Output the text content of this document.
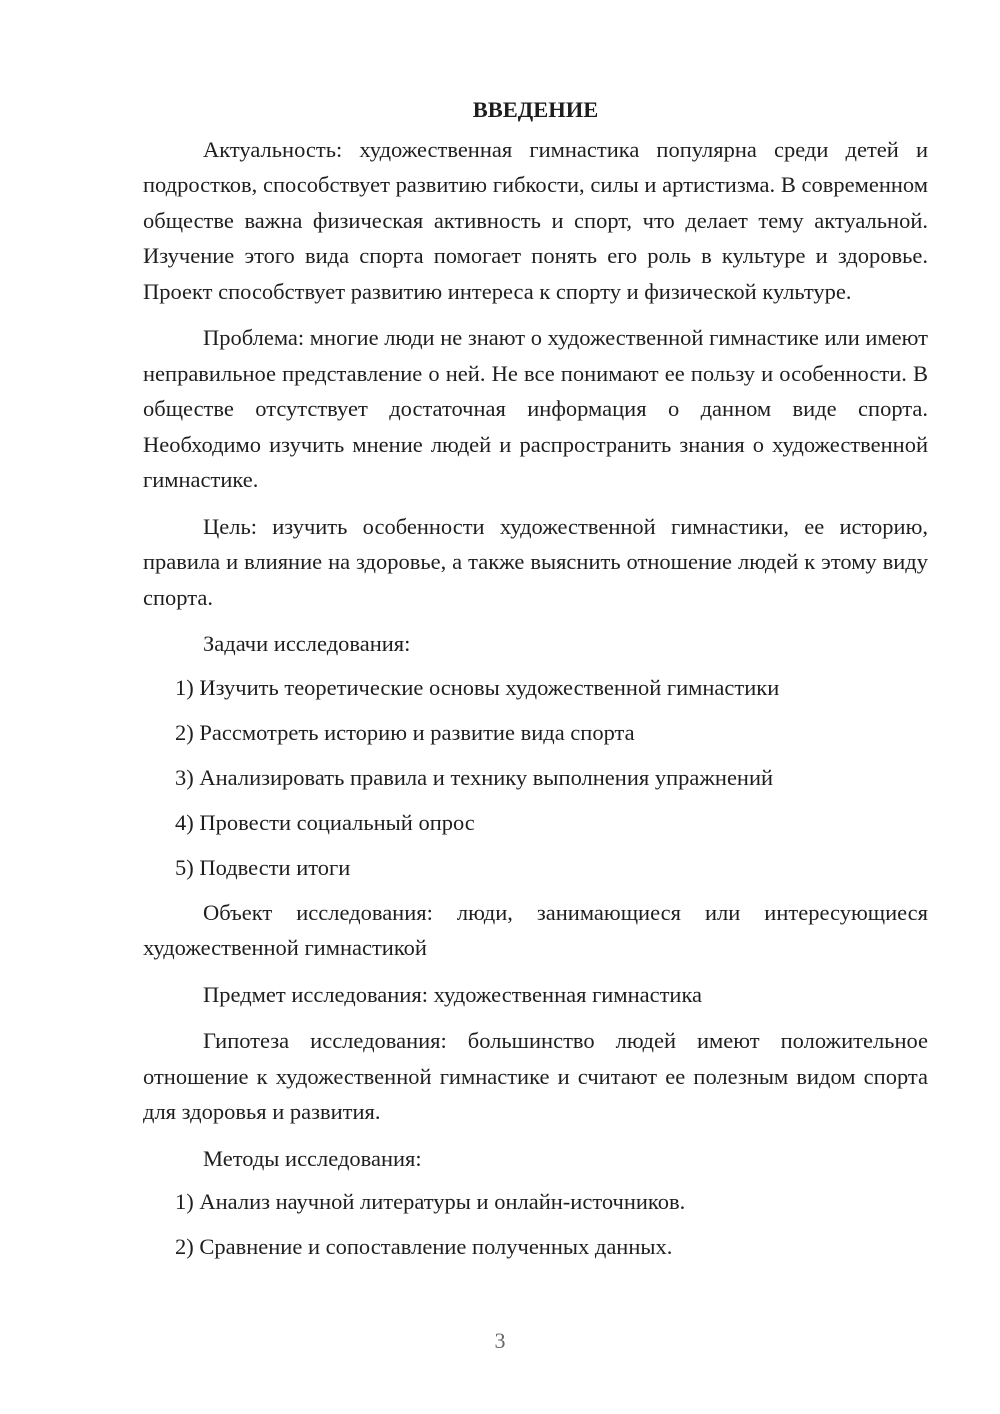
ВВЕДЕНИЕ

Актуальность: художественная гимнастика популярна среди детей и подростков, способствует развитию гибкости, силы и артистизма. В современном обществе важна физическая активность и спорт, что делает тему актуальной. Изучение этого вида спорта помогает понять его роль в культуре и здоровье. Проект способствует развитию интереса к спорту и физической культуре.

Проблема: многие люди не знают о художественной гимнастике или имеют неправильное представление о ней. Не все понимают ее пользу и особенности. В обществе отсутствует достаточная информация о данном виде спорта. Необходимо изучить мнение людей и распространить знания о художественной гимнастике.

Цель: изучить особенности художественной гимнастики, ее историю, правила и влияние на здоровье, а также выяснить отношение людей к этому виду спорта.

Задачи исследования:

1) Изучить теоретические основы художественной гимнастики
2) Рассмотреть историю и развитие вида спорта
3) Анализировать правила и технику выполнения упражнений
4) Провести социальный опрос
5) Подвести итоги

Объект исследования: люди, занимающиеся или интересующиеся художественной гимнастикой

Предмет исследования: художественная гимнастика

Гипотеза исследования: большинство людей имеют положительное отношение к художественной гимнастике и считают ее полезным видом спорта для здоровья и развития.

Методы исследования:

1) Анализ научной литературы и онлайн-источников.
2) Сравнение и сопоставление полученных данных.
3
